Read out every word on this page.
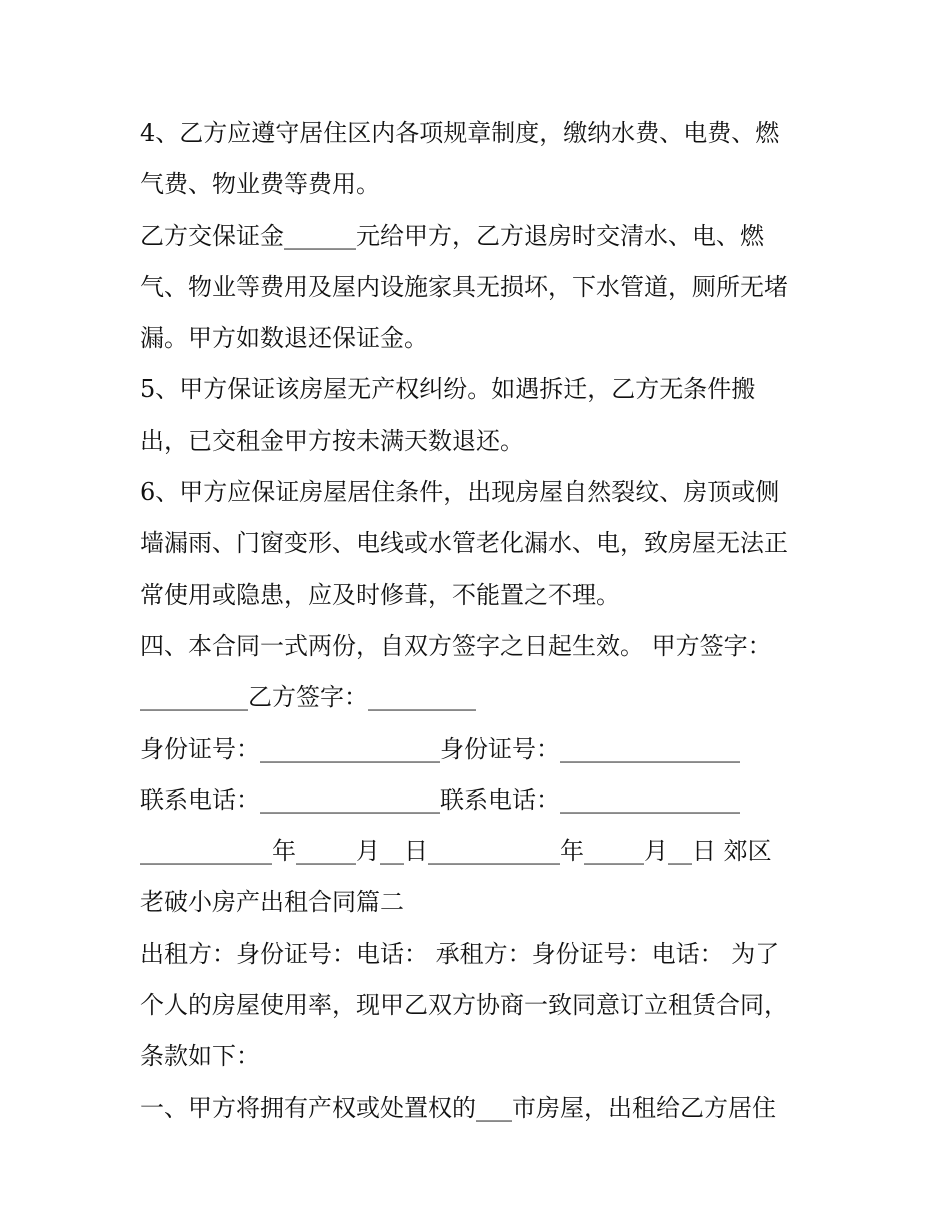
4、乙方应遵守居住区内各项规章制度，缴纳水费、电费、燃
气费、物业费等费用。
乙方交保证金______元给甲方，乙方退房时交清水、电、燃
气、物业等费用及屋内设施家具无损坏，下水管道，厕所无堵
漏。甲方如数退还保证金。
5、甲方保证该房屋无产权纠纷。如遇拆迁，乙方无条件搬
出，已交租金甲方按未满天数退还。
6、甲方应保证房屋居住条件，出现房屋自然裂纹、房顶或侧
墙漏雨、门窗变形、电线或水管老化漏水、电，致房屋无法正
常使用或隐患，应及时修葺，不能置之不理。
四、本合同一式两份，自双方签字之日起生效。 甲方签字：
_________乙方签字：_________
身份证号：_______________身份证号：_______________
联系电话：_______________联系电话：_______________
___________年_____月__日___________年_____月__日 郊区
老破小房产出租合同篇二
出租方：身份证号：电话： 承租方：身份证号：电话： 为了
个人的房屋使用率，现甲乙双方协商一致同意订立租赁合同，
条款如下：
一、甲方将拥有产权或处置权的___市房屋，出租给乙方居住
